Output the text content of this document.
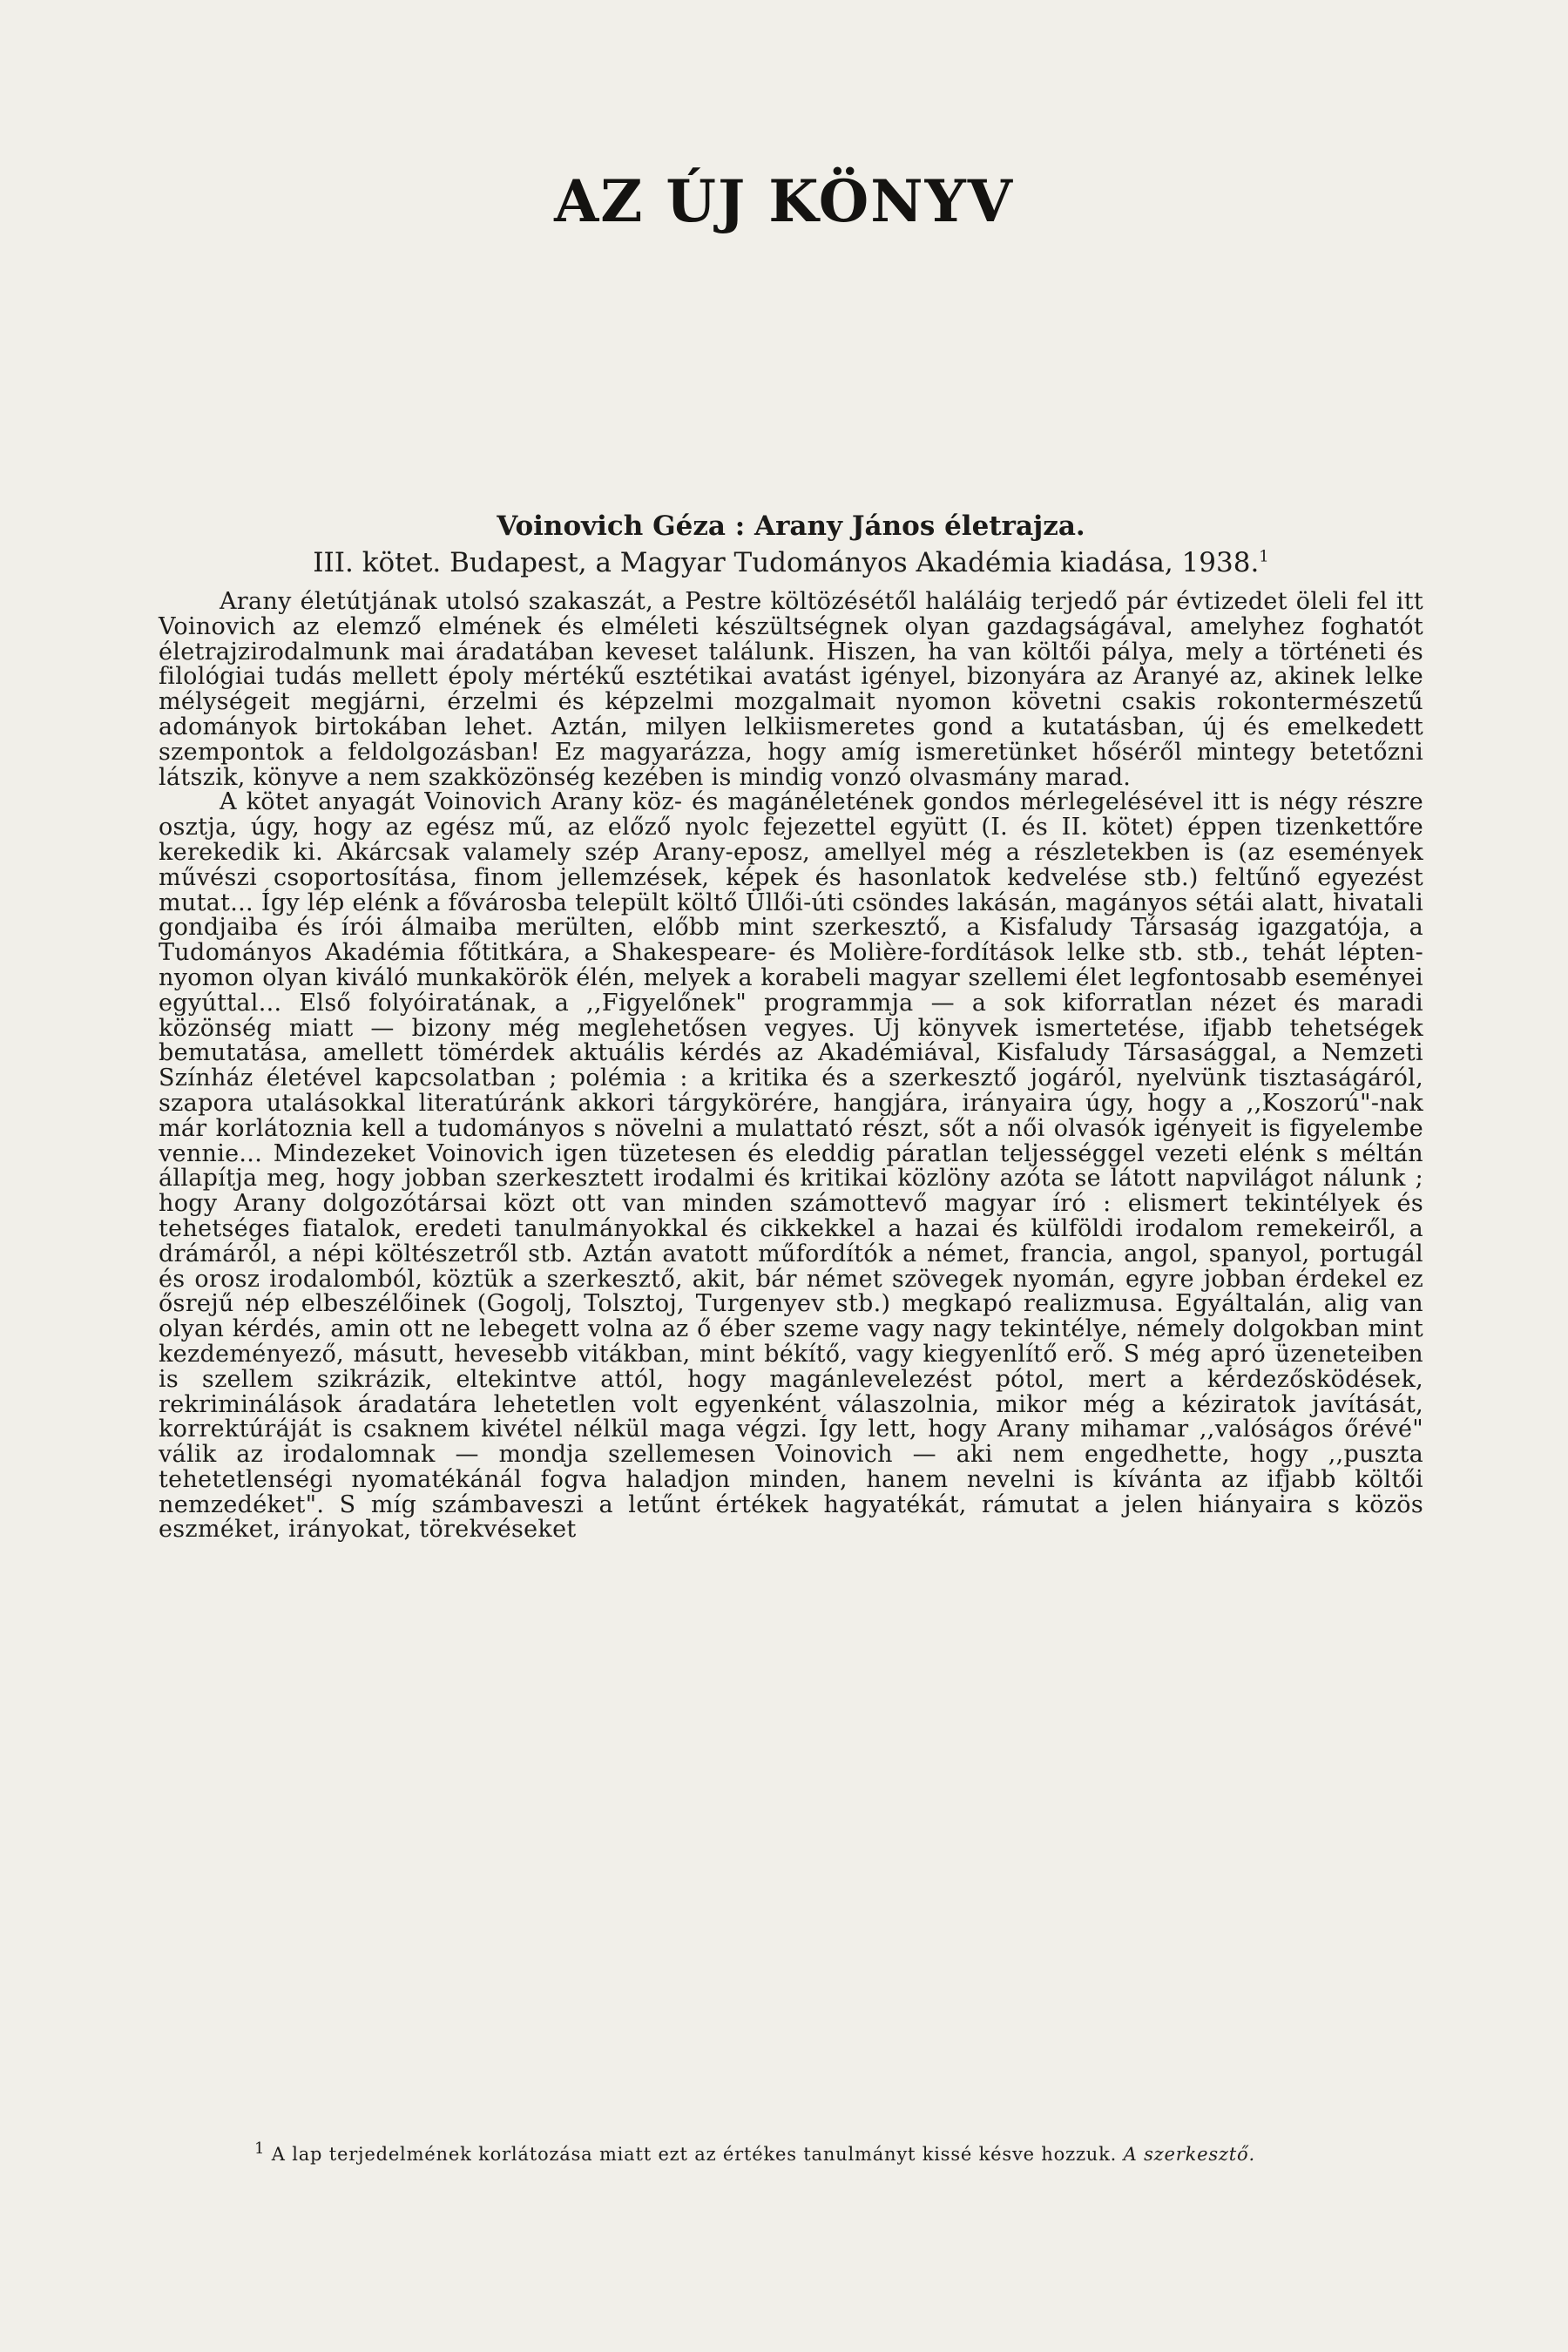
AZ ÚJ KÖNYV

Voinovich Géza : Arany János életrajza.

III. kötet. Budapest, a Magyar Tudományos Akadémia kiadása, 1938.$^1$

Arany életútjának utolsó szakaszát, a Pestre költözésétől haláláig terjedő pár évtizedet öleli fel itt Voinovich az elemző elmének és elméleti készültségnek olyan gazdagságával, amelyhez foghatót életrajzirodalmunk mai áradatában keveset találunk. Hiszen, ha van költői pálya, mely a történeti és filológiai tudás mellett époly mértékű esztétikai avatást igényel, bizonyára az Aranyé az, akinek lelke mélységeit megjárni, érzelmi és képzelmi mozgalmait nyomon követni csakis rokontermészetű adományok birtokában lehet. Aztán, milyen lelkiismeretes gond a kutatásban, új és emelkedett szempontok a feldolgozásban! Ez magyarázza, hogy amíg ismeretünket hőséről mintegy betetőzni látszik, könyve a nem szakközönség kezében is mindig vonzó olvasmány marad.

A kötet anyagát Voinovich Arany köz- és magánéletének gondos mérlegelésével itt is négy részre osztja, úgy, hogy az egész mű, az előző nyolc fejezettel együtt (I. és II. kötet) éppen tizenkettőre kerekedik ki. Akárcsak valamely szép Arany-eposz, amellyel még a részletekben is (az események művészi csoportosítása, finom jellemzések, képek és hasonlatok kedvelése stb.) feltűnő egyezést mutat... Így lép elénk a fővárosba települt költő Üllői-úti csöndes lakásán, magányos sétái alatt, hivatali gondjaiba és írói álmaiba merülten, előbb mint szerkesztő, a Kisfaludy Társaság igazgatója, a Tudományos Akadémia főtitkára, a Shakespeare- és Molière-fordítások lelke stb. stb., tehát lépten-nyomon olyan kiváló munkakörök élén, melyek a korabeli magyar szellemi élet legfontosabb eseményei egyúttal... Első folyóiratának, a ,,Figyelőnek" programmja — a sok kiforratlan nézet és maradi közönség miatt — bizony még meglehetősen vegyes. Uj könyvek ismertetése, ifjabb tehetségek bemutatása, amellett tömérdek aktuális kérdés az Akadémiával, Kisfaludy Társasággal, a Nemzeti Színház életével kapcsolatban ; polémia : a kritika és a szerkesztő jogáról, nyelvünk tisztaságáról, szapora utalásokkal literatúránk akkori tárgykörére, hangjára, irányaira úgy, hogy a ,,Koszorú"-nak már korlátoznia kell a tudományos s növelni a mulattató részt, sőt a női olvasók igényeit is figyelembe vennie... Mindezeket Voinovich igen tüzetesen és eleddig páratlan teljességgel vezeti elénk s méltán állapítja meg, hogy jobban szerkesztett irodalmi és kritikai közlöny azóta se látott napvilágot nálunk ; hogy Arany dolgozótársai közt ott van minden számottevő magyar író : elismert tekintélyek és tehetséges fiatalok, eredeti tanulmányokkal és cikkekkel a hazai és külföldi irodalom remekeiről, a drámáról, a népi költészetről stb. Aztán avatott műfordítók a német, francia, angol, spanyol, portugál és orosz irodalomból, köztük a szerkesztő, akit, bár német szövegek nyomán, egyre jobban érdekel ez ősrejű nép elbeszélőinek (Gogolj, Tolsztoj, Turgenyev stb.) megkapó realizmusa. Egyáltalán, alig van olyan kérdés, amin ott ne lebegett volna az ő éber szeme vagy nagy tekintélye, némely dolgokban mint kezdeményező, másutt, hevesebb vitákban, mint békítő, vagy kiegyenlítő erő. S még apró üzeneteiben is szellem szikrázik, eltekintve attól, hogy magánlevelezést pótol, mert a kérdezősködések, rekriminálások áradatára lehetetlen volt egyenként válaszolnia, mikor még a kéziratok javítását, korrektúráját is csaknem kivétel nélkül maga végzi. Így lett, hogy Arany mihamar ,,valóságos őrévé" válik az irodalomnak — mondja szellemesen Voinovich — aki nem engedhette, hogy ,,puszta tehetetlenségi nyomatékánál fogva haladjon minden, hanem nevelni is kívánta az ifjabb költői nemzedéket". S míg számbaveszi a letűnt értékek hagyatékát, rámutat a jelen hiányaira s közös eszméket, irányokat, törekvéseket

1 A lap terjedelmének korlátozása miatt ezt az értékes tanulmányt kissé késve hozzuk. A szerkesztő.
